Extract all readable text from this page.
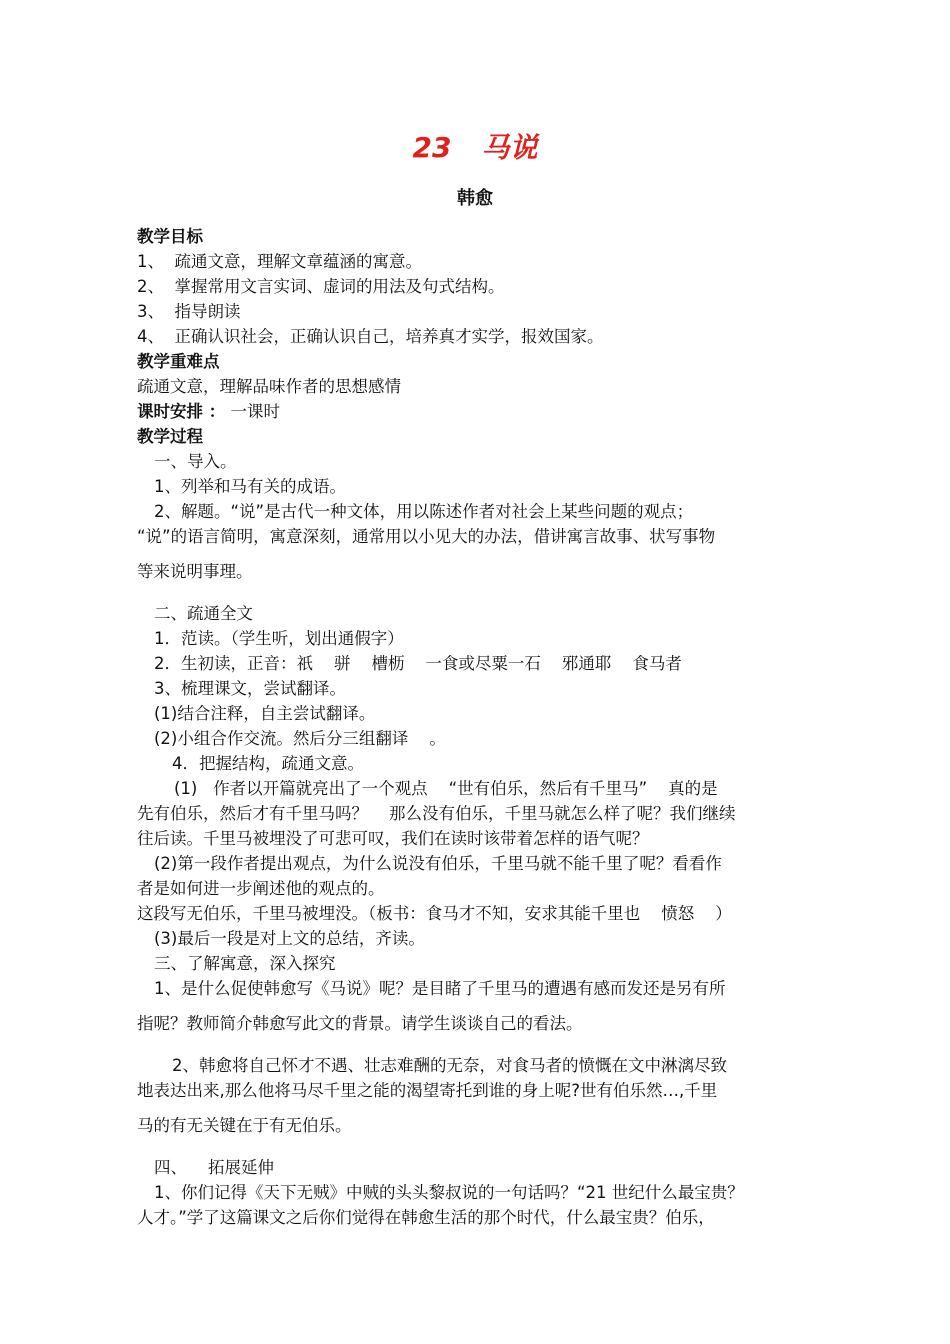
23 马说
韩愈
教学目标
1、  疏通文意，理解文章蕴涵的寓意。
2、  掌握常用文言实词、虚词的用法及句式结构。
3、  指导朗读
4、  正确认识社会，正确认识自己，培养真才实学，报效国家。
教学重难点
疏通文意，理解品味作者的思想感情
课时安排 ： 一课时
教学过程
一、导入。
1、列举和马有关的成语。
2、解题。“说”是古代一种文体，用以陈述作者对社会上某些问题的观点；
“说”的语言简明，寓意深刻，通常用以小见大的办法，借讲寓言故事、状写事物
等来说明事理。
二、疏通全文
1．范读。（学生听，划出通假字）
2．生初读，正音：祇    骈    槽枥    一食或尽粟一石    邪通耶    食马者
3、梳理课文，尝试翻译。
(1)结合注释，自主尝试翻译。
(2)小组合作交流。然后分三组翻译    。
4．把握结构，疏通文意。
(1)   作者以开篇就亮出了一个观点    “世有伯乐，然后有千里马”    真的是
先有伯乐，然后才有千里马吗？    那么没有伯乐，千里马就怎么样了呢？我们继续
往后读。千里马被埋没了可悲可叹，我们在读时该带着怎样的语气呢？
(2)第一段作者提出观点，为什么说没有伯乐，千里马就不能千里了呢？看看作
者是如何进一步阐述他的观点的。
这段写无伯乐，千里马被埋没。（板书：食马才不知，安求其能千里也    愤怒    ）
(3)最后一段是对上文的总结，齐读。
三、了解寓意，深入探究
1、是什么促使韩愈写《马说》呢？是目睹了千里马的遭遇有感而发还是另有所
指呢？教师简介韩愈写此文的背景。请学生谈谈自己的看法。
2、韩愈将自己怀才不遇、壮志难酬的无奈，对食马者的愤慨在文中淋漓尽致
地表达出来,那么他将马尽千里之能的渴望寄托到谁的身上呢?世有伯乐然…,千里
马的有无关键在于有无伯乐。
四、    拓展延伸
1、你们记得《天下无贼》中贼的头头黎叔说的一句话吗？“21 世纪什么最宝贵？
人才。”学了这篇课文之后你们觉得在韩愈生活的那个时代，什么最宝贵？伯乐，
